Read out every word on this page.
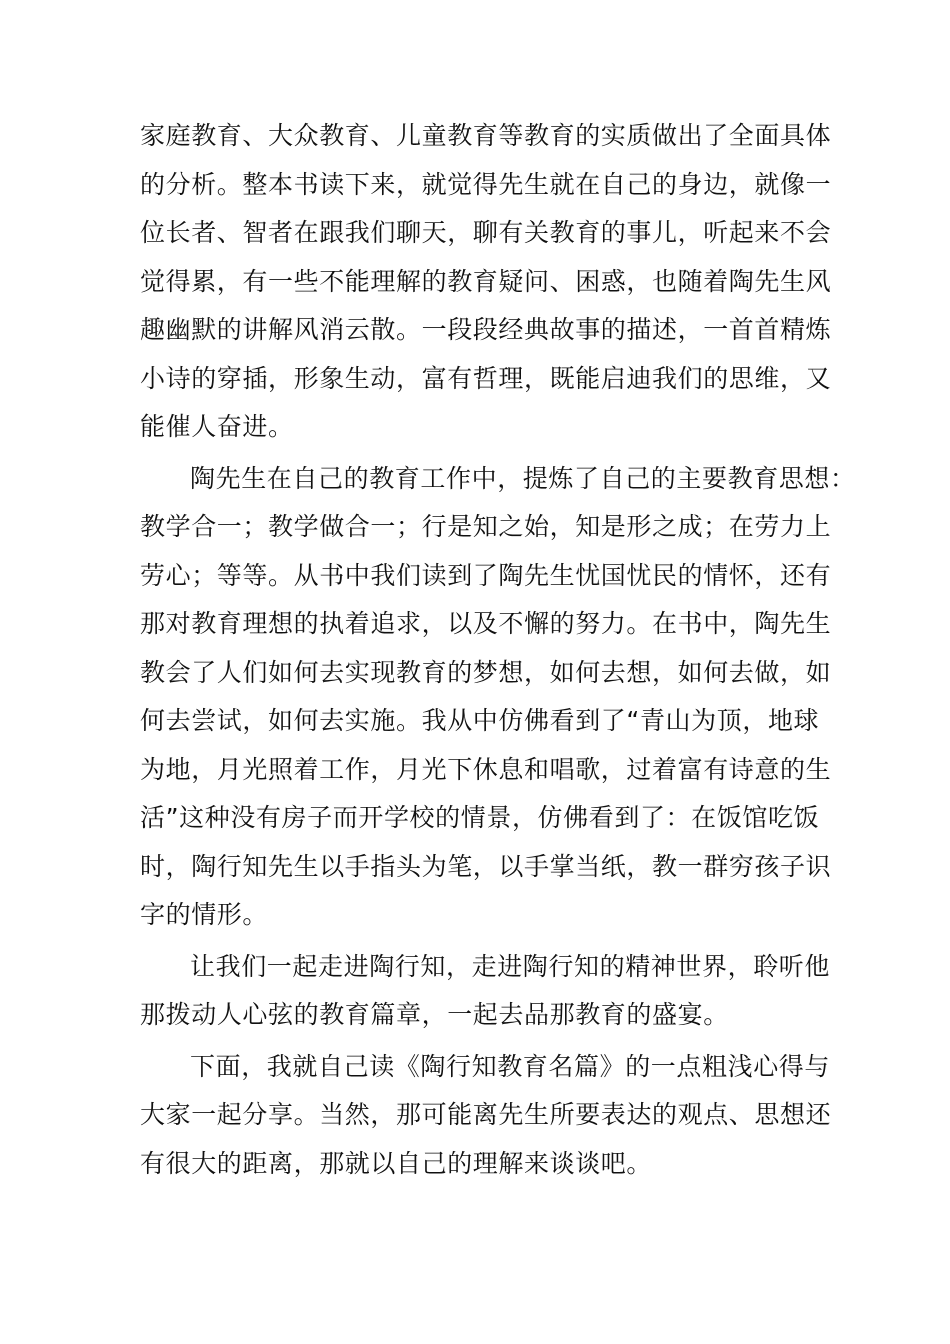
家庭教育、大众教育、儿童教育等教育的实质做出了全面具体
的分析。整本书读下来，就觉得先生就在自己的身边，就像一
位长者、智者在跟我们聊天，聊有关教育的事儿，听起来不会
觉得累，有一些不能理解的教育疑问、困惑，也随着陶先生风
趣幽默的讲解风消云散。一段段经典故事的描述，一首首精炼
小诗的穿插，形象生动，富有哲理，既能启迪我们的思维，又
能催人奋进。
陶先生在自己的教育工作中，提炼了自己的主要教育思想：
教学合一；教学做合一；行是知之始，知是形之成；在劳力上
劳心；等等。从书中我们读到了陶先生忧国忧民的情怀，还有
那对教育理想的执着追求，以及不懈的努力。在书中，陶先生
教会了人们如何去实现教育的梦想，如何去想，如何去做，如
何去尝试，如何去实施。我从中仿佛看到了“青山为顶，地球
为地，月光照着工作，月光下休息和唱歌，过着富有诗意的生
活”这种没有房子而开学校的情景，仿佛看到了：在饭馆吃饭
时，陶行知先生以手指头为笔，以手掌当纸，教一群穷孩子识
字的情形。
让我们一起走进陶行知，走进陶行知的精神世界，聆听他
那拨动人心弦的教育篇章，一起去品那教育的盛宴。
下面，我就自己读《陶行知教育名篇》的一点粗浅心得与
大家一起分享。当然，那可能离先生所要表达的观点、思想还
有很大的距离，那就以自己的理解来谈谈吧。
